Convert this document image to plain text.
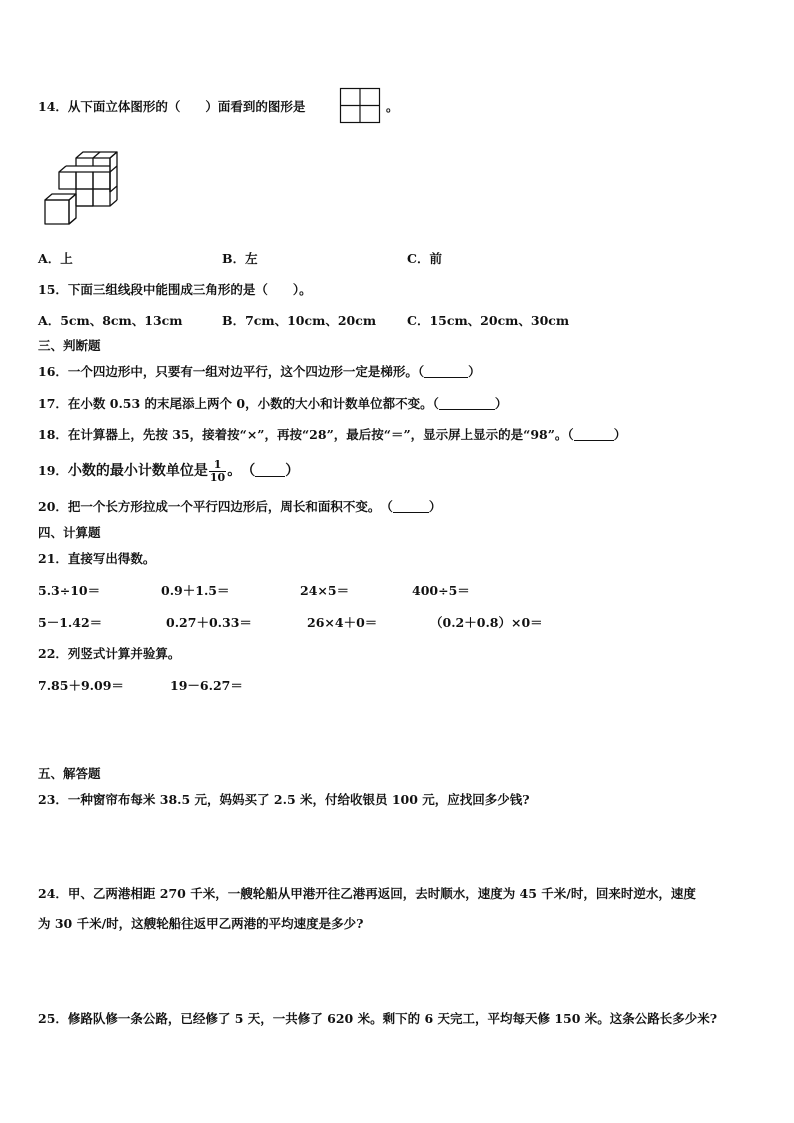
14．从下面立体图形的（　　）面看到的图形是	。
A．上	B．左	C．前
15．下面三组线段中能围成三角形的是（　　）。
A．5cm、8cm、13cm	B．7cm、10cm、20cm C．15cm、20cm、30cm
三、判断题
16．一个四边形中，只要有一组对边平行，这个四边形一定是梯形。（	）
17．在小数 0.53 的末尾添上两个 0，小数的大小和计数单位都不变。（	）
18．在计算器上，先按 35，接着按“×”，再按“28”，最后按“＝”，显示屏上显示的是“98”。（	）
19．小数的最小计数单位是 $\frac{1}{10}$ 。　（ ）
20．把一个长方形拉成一个平行四边形后，周长和面积不变。　（	）
四、计算题
21．直接写出得数。
5.3÷10＝	0.9＋1.5＝	24×5＝	400÷5＝
5－1.42＝	0.27＋0.33＝	26×4＋0＝	（0.2＋0.8）×0＝
22．列竖式计算并验算。
7.85＋9.09＝	19－6.27＝
五、解答题
23．一种窗帘布每米 38.5 元，妈妈买了 2.5 米，付给收银员 100 元，应找回多少钱?
24．甲、乙两港相距 270 千米，一艘轮船从甲港开往乙港再返回，去时顺水，速度为 45 千米/时，回来时逆水，速度
为 30 千米/时，这艘轮船往返甲乙两港的平均速度是多少?
25．修路队修一条公路，已经修了 5 天，一共修了 620 米。剩下的 6 天完工，平均每天修 150 米。这条公路长多少米?
